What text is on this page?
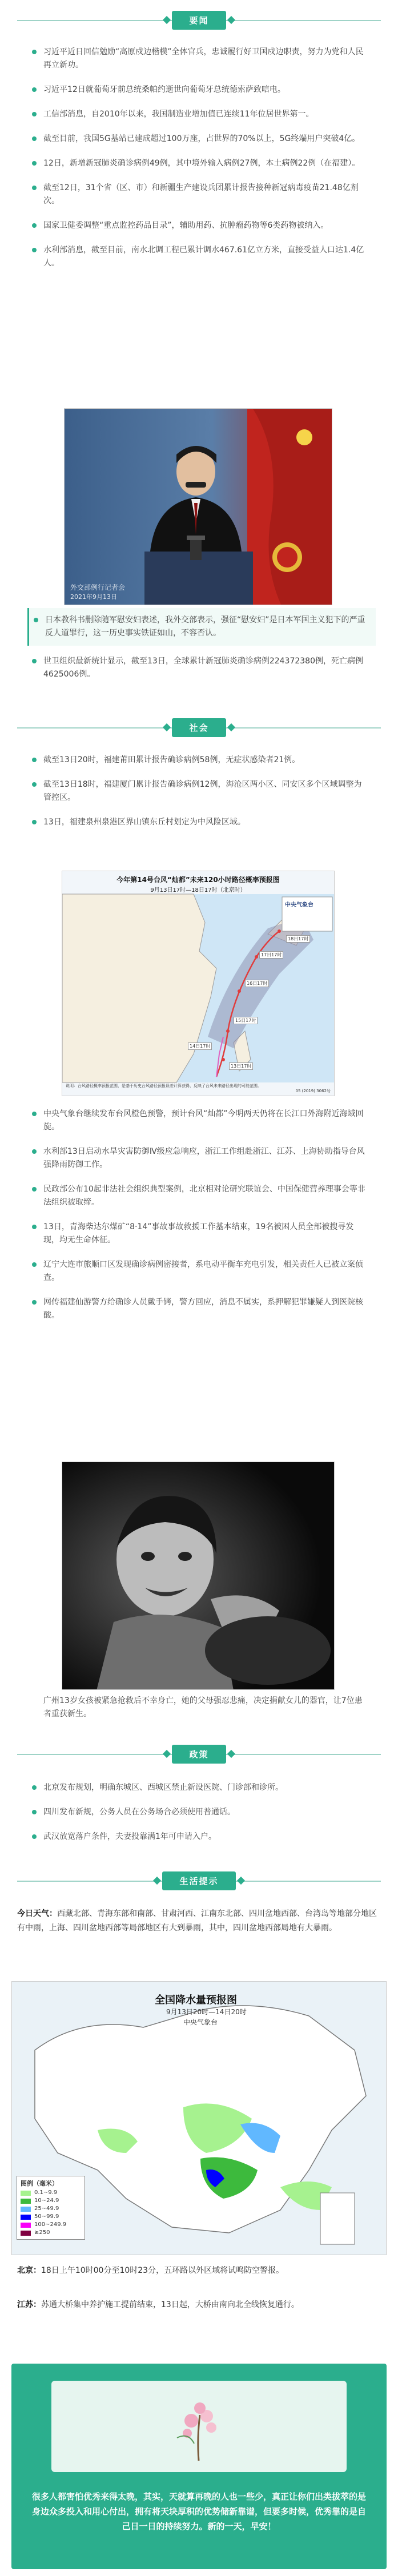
要闻
习近平近日回信勉励“高原戍边楷模”全体官兵，忠诚履行好卫国戍边职责，努力为党和人民再立新功。
习近平12日就葡萄牙前总统桑帕约逝世向葡萄牙总统德索萨致唁电。
工信部消息，自2010年以来，我国制造业增加值已连续11年位居世界第一。
截至目前，我国5G基站已建成超过100万座，占世界的70%以上，5G终端用户突破4亿。
12日，新增新冠肺炎确诊病例49例，其中境外输入病例27例，本土病例22例（在福建）。
截至12日，31个省（区、市）和新疆生产建设兵团累计报告接种新冠病毒疫苗21.48亿剂次。
国家卫健委调整“重点监控药品目录”，辅助用药、抗肿瘤药物等6类药物被纳入。
水利部消息，截至目前，南水北调工程已累计调水467.61亿立方米，直接受益人口达1.4亿人。
外交部例行记者会
2021年9月13日
日本教科书删除随军慰安妇表述，我外交部表示，强征“慰安妇”是日本军国主义犯下的严重反人道罪行，这一历史事实铁证如山，不容否认。
世卫组织最新统计显示，截至13日，全球累计新冠肺炎确诊病例224372380例，死亡病例4625006例。
社会
截至13日20时，福建莆田累计报告确诊病例58例，无症状感染者21例。
截至13日18时，福建厦门累计报告确诊病例12例，海沧区两小区、同安区多个区域调整为管控区。
13日，福建泉州泉港区界山镇东丘村划定为中风险区域。
今年第14号台风“灿都”未来120小时路径概率预报图
9月13日17时—18日17时（北京时）
中央气象台
18日17时
17日17时
16日17时
15日17时
14日17时
13日17时
说明：台风路径概率预报范围，是基于历史台风路径预报误差计算获得，反映了台风未来路径出现的可能范围。
05 (2019) 3062号
中央气象台继续发布台风橙色预警，预计台风“灿都”今明两天仍将在长江口外海附近海域回旋。
水利部13日启动水旱灾害防御Ⅳ级应急响应，浙江工作组赴浙江、江苏、上海协助指导台风强降雨防御工作。
民政部公布10起非法社会组织典型案例，北京相对论研究联谊会、中国保健营养理事会等非法组织被取缔。
13日，青海柴达尔煤矿“8·14”事故事故救援工作基本结束，19名被困人员全部被搜寻发现，均无生命体征。
辽宁大连市旅顺口区发现确诊病例密接者，系电动平衡车充电引发，相关责任人已被立案侦查。
网传福建仙游警方给确诊人员戴手铐，警方回应，消息不属实，系押解犯罪嫌疑人到医院核酸。
广州13岁女孩被紧急抢救后不幸身亡，她的父母强忍悲痛，决定捐献女儿的器官，让7位患者重获新生。
政策
北京发布规划，明确东城区、西城区禁止新设医院、门诊部和诊所。
四川发布新规，公务人员在公务场合必须使用普通话。
武汉放宽落户条件，夫妻投靠满1年可申请入户。
生活提示
今日天气：西藏北部、青海东部和南部、甘肃河西、江南东北部、四川盆地西部、台湾岛等地部分地区有中雨，上海、四川盆地西部等局部地区有大到暴雨，其中，四川盆地西部局地有大暴雨。
全国降水量预报图
9月13日20时—14日20时
中央气象台
图例（毫米）
0.1~9.9
10~24.9
25~49.9
50~99.9
100~249.9
≥250
北京：18日上午10时00分至10时23分，五环路以外区域将试鸣防空警报。
江苏：苏通大桥集中养护施工提前结束，13日起，大桥由南向北全线恢复通行。
很多人都害怕优秀来得太晚，其实，天就算再晚的人也一些少，真正让你们出类拔萃的是身边众多投入和用心付出，拥有将天块厚积的优势储新靠谱，但要多时候，优秀靠的是自己日一日的持续努力。新的一天，早安！
